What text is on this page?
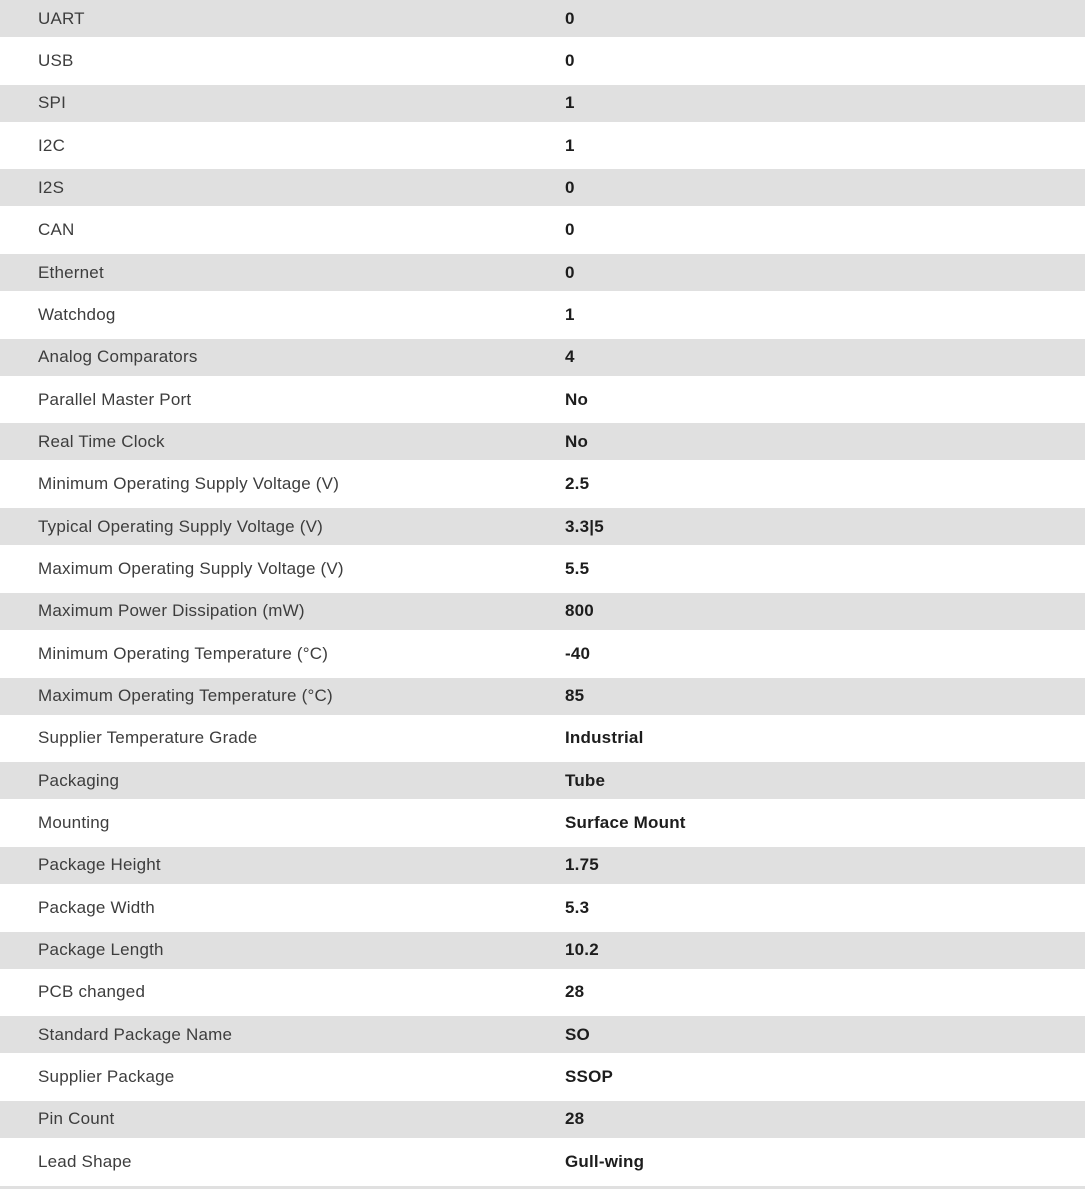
UART	0
USB	0
SPI	1
I2C	1
I2S	0
CAN	0
Ethernet	0
Watchdog	1
Analog Comparators	4
Parallel Master Port	No
Real Time Clock	No
Minimum Operating Supply Voltage (V)	2.5
Typical Operating Supply Voltage (V)	3.3|5
Maximum Operating Supply Voltage (V)	5.5
Maximum Power Dissipation (mW)	800
Minimum Operating Temperature (°C)	-40
Maximum Operating Temperature (°C)	85
Supplier Temperature Grade	Industrial
Packaging	Tube
Mounting	Surface Mount
Package Height	1.75
Package Width	5.3
Package Length	10.2
PCB changed	28
Standard Package Name	SO
Supplier Package	SSOP
Pin Count	28
Lead Shape	Gull-wing
